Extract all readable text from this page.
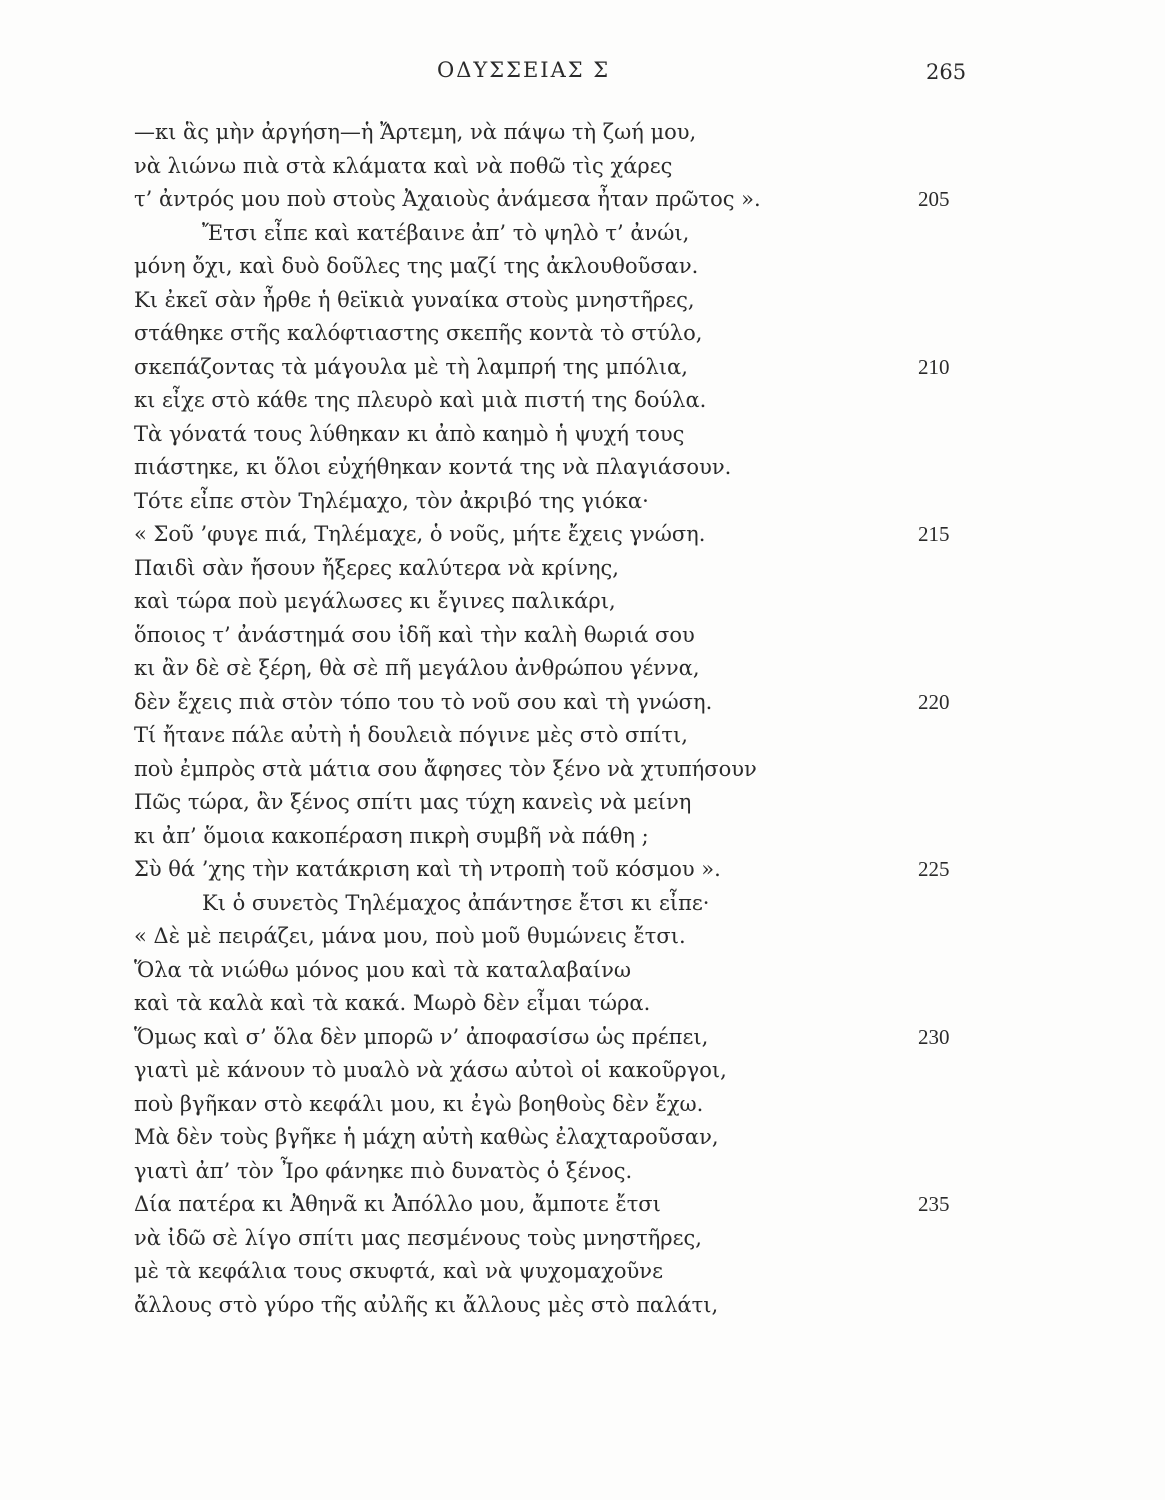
ΟΔΥΣΣΕΙΑΣ Σ	265
—κι ἃς μὴν ἀργήση—ἡ Ἄρτεμη, νὰ πάψω τὴ ζωή μου,
νὰ λιώνω πιὰ στὰ κλάματα καὶ νὰ ποθῶ τὶς χάρες
τ’ ἀντρός μου ποὺ στοὺς Ἀχαιοὺς ἀνάμεσα ἦταν πρῶτος ».	205
Ἔτσι εἶπε καὶ κατέβαινε ἀπ’ τὸ ψηλὸ τ’ ἀνώι,
μόνη ὄχι, καὶ δυὸ δοῦλες της μαζί της ἀκλουθοῦσαν.
Κι ἐκεῖ σὰν ἦρθε ἡ θεϊκιὰ γυναίκα στοὺς μνηστῆρες,
στάθηκε στῆς καλόφτιαστης σκεπῆς κοντὰ τὸ στύλο,
σκεπάζοντας τὰ μάγουλα μὲ τὴ λαμπρή της μπόλια,	210
κι εἶχε στὸ κάθε της πλευρὸ καὶ μιὰ πιστή της δούλα.
Τὰ γόνατά τους λύθηκαν κι ἀπὸ καημὸ ἡ ψυχή τους
πιάστηκε, κι ὅλοι εὐχήθηκαν κοντά της νὰ πλαγιάσουν.
Τότε εἶπε στὸν Τηλέμαχο, τὸν ἀκριβό της γιόκα·
« Σοῦ ’φυγε πιά, Τηλέμαχε, ὁ νοῦς, μήτε ἔχεις γνώση.	215
Παιδὶ σὰν ἤσουν ἤξερες καλύτερα νὰ κρίνης,
καὶ τώρα ποὺ μεγάλωσες κι ἔγινες παλικάρι,
ὅποιος τ’ ἀνάστημά σου ἰδῆ καὶ τὴν καλὴ θωριά σου
κι ἂν δὲ σὲ ξέρη, θὰ σὲ πῆ μεγάλου ἀνθρώπου γέννα,
δὲν ἔχεις πιὰ στὸν τόπο του τὸ νοῦ σου καὶ τὴ γνώση.	220
Τί ἤτανε πάλε αὐτὴ ἡ δουλειὰ πόγινε μὲς στὸ σπίτι,
ποὺ ἐμπρὸς στὰ μάτια σου ἄφησες τὸν ξένο νὰ χτυπήσουν
Πῶς τώρα, ἂν ξένος σπίτι μας τύχη κανεὶς νὰ μείνη
κι ἀπ’ ὅμοια κακοπέραση πικρὴ συμβῆ νὰ πάθη ;
Σὺ θά ’χης τὴν κατάκριση καὶ τὴ ντροπὴ τοῦ κόσμου ».	225
Κι ὁ συνετὸς Τηλέμαχος ἀπάντησε ἔτσι κι εἶπε·
« Δὲ μὲ πειράζει, μάνα μου, ποὺ μοῦ θυμώνεις ἔτσι.
Ὅλα τὰ νιώθω μόνος μου καὶ τὰ καταλαβαίνω
καὶ τὰ καλὰ καὶ τὰ κακά. Μωρὸ δὲν εἶμαι τώρα.
Ὅμως καὶ σ’ ὅλα δὲν μπορῶ ν’ ἀποφασίσω ὡς πρέπει,	230
γιατὶ μὲ κάνουν τὸ μυαλὸ νὰ χάσω αὐτοὶ οἱ κακοῦργοι,
ποὺ βγῆκαν στὸ κεφάλι μου, κι ἐγὼ βοηθοὺς δὲν ἔχω.
Μὰ δὲν τοὺς βγῆκε ἡ μάχη αὐτὴ καθὼς ἐλαχταροῦσαν,
γιατὶ ἀπ’ τὸν Ἶρο φάνηκε πιὸ δυνατὸς ὁ ξένος.
Δία πατέρα κι Ἀθηνᾶ κι Ἀπόλλο μου, ἄμποτε ἔτσι	235
νὰ ἰδῶ σὲ λίγο σπίτι μας πεσμένους τοὺς μνηστῆρες,
μὲ τὰ κεφάλια τους σκυφτά, καὶ νὰ ψυχομαχοῦνε
ἄλλους στὸ γύρο τῆς αὐλῆς κι ἄλλους μὲς στὸ παλάτι,
